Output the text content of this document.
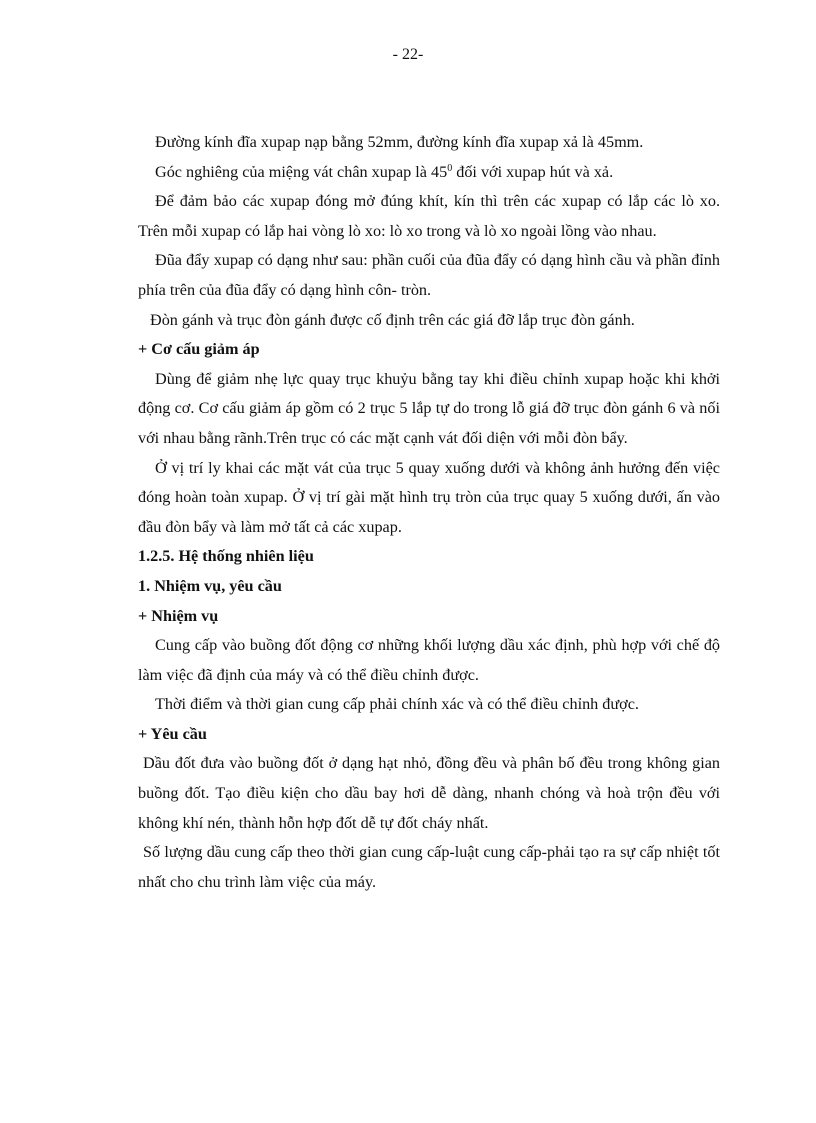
- 22-

Đường kính đĩa xupap nạp bằng 52mm, đường kính đĩa xupap xả là 45mm.

Góc nghiêng của miệng vát chân xupap là $45^0$ đối với xupap hút và xả.

Để đảm bảo các xupap đóng mở đúng khít, kín thì trên các xupap có lắp các lò xo. Trên mỗi xupap có lắp hai vòng lò xo: lò xo trong và lò xo ngoài lồng vào nhau.

Đũa đẩy xupap có dạng như sau: phần cuối của đũa đẩy có dạng hình cầu và phần đỉnh phía trên của đũa đẩy có dạng hình côn- tròn.

Đòn gánh và trục đòn gánh được cố định trên các giá đỡ lắp trục đòn gánh.

+ Cơ cấu giảm áp

Dùng để giảm nhẹ lực quay trục khuỷu bằng tay khi điều chỉnh xupap hoặc khi khởi động cơ. Cơ cấu giảm áp gồm có 2 trục 5 lắp tự do trong lỗ giá đỡ trục đòn gánh 6 và nối với nhau bằng rãnh.Trên trục có các mặt cạnh vát đối diện với mỗi đòn bẩy.

Ở vị trí ly khai các mặt vát của trục 5 quay xuống dưới và không ảnh hưởng đến việc đóng hoàn toàn xupap. Ở vị trí gài mặt hình trụ tròn của trục quay 5 xuống dưới, ấn vào đầu đòn bẩy và làm mở tất cả các xupap.

1.2.5. Hệ thống nhiên liệu

1. Nhiệm vụ, yêu cầu

+ Nhiệm vụ

Cung cấp vào buồng đốt động cơ những khối lượng dầu xác định, phù hợp với chế độ làm việc đã định của máy và có thể điều chỉnh được.

Thời điểm và thời gian cung cấp phải chính xác và có thể điều chỉnh được.

+ Yêu cầu

Dầu đốt đưa vào buồng đốt ở dạng hạt nhỏ, đồng đều và phân bố đều trong không gian buồng đốt. Tạo điều kiện cho dầu bay hơi dễ dàng, nhanh chóng và hoà trộn đều với không khí nén, thành hỗn hợp đốt dễ tự đốt cháy nhất.

Số lượng dầu cung cấp theo thời gian cung cấp-luật cung cấp-phải tạo ra sự cấp nhiệt tốt nhất cho chu trình làm việc của máy.
